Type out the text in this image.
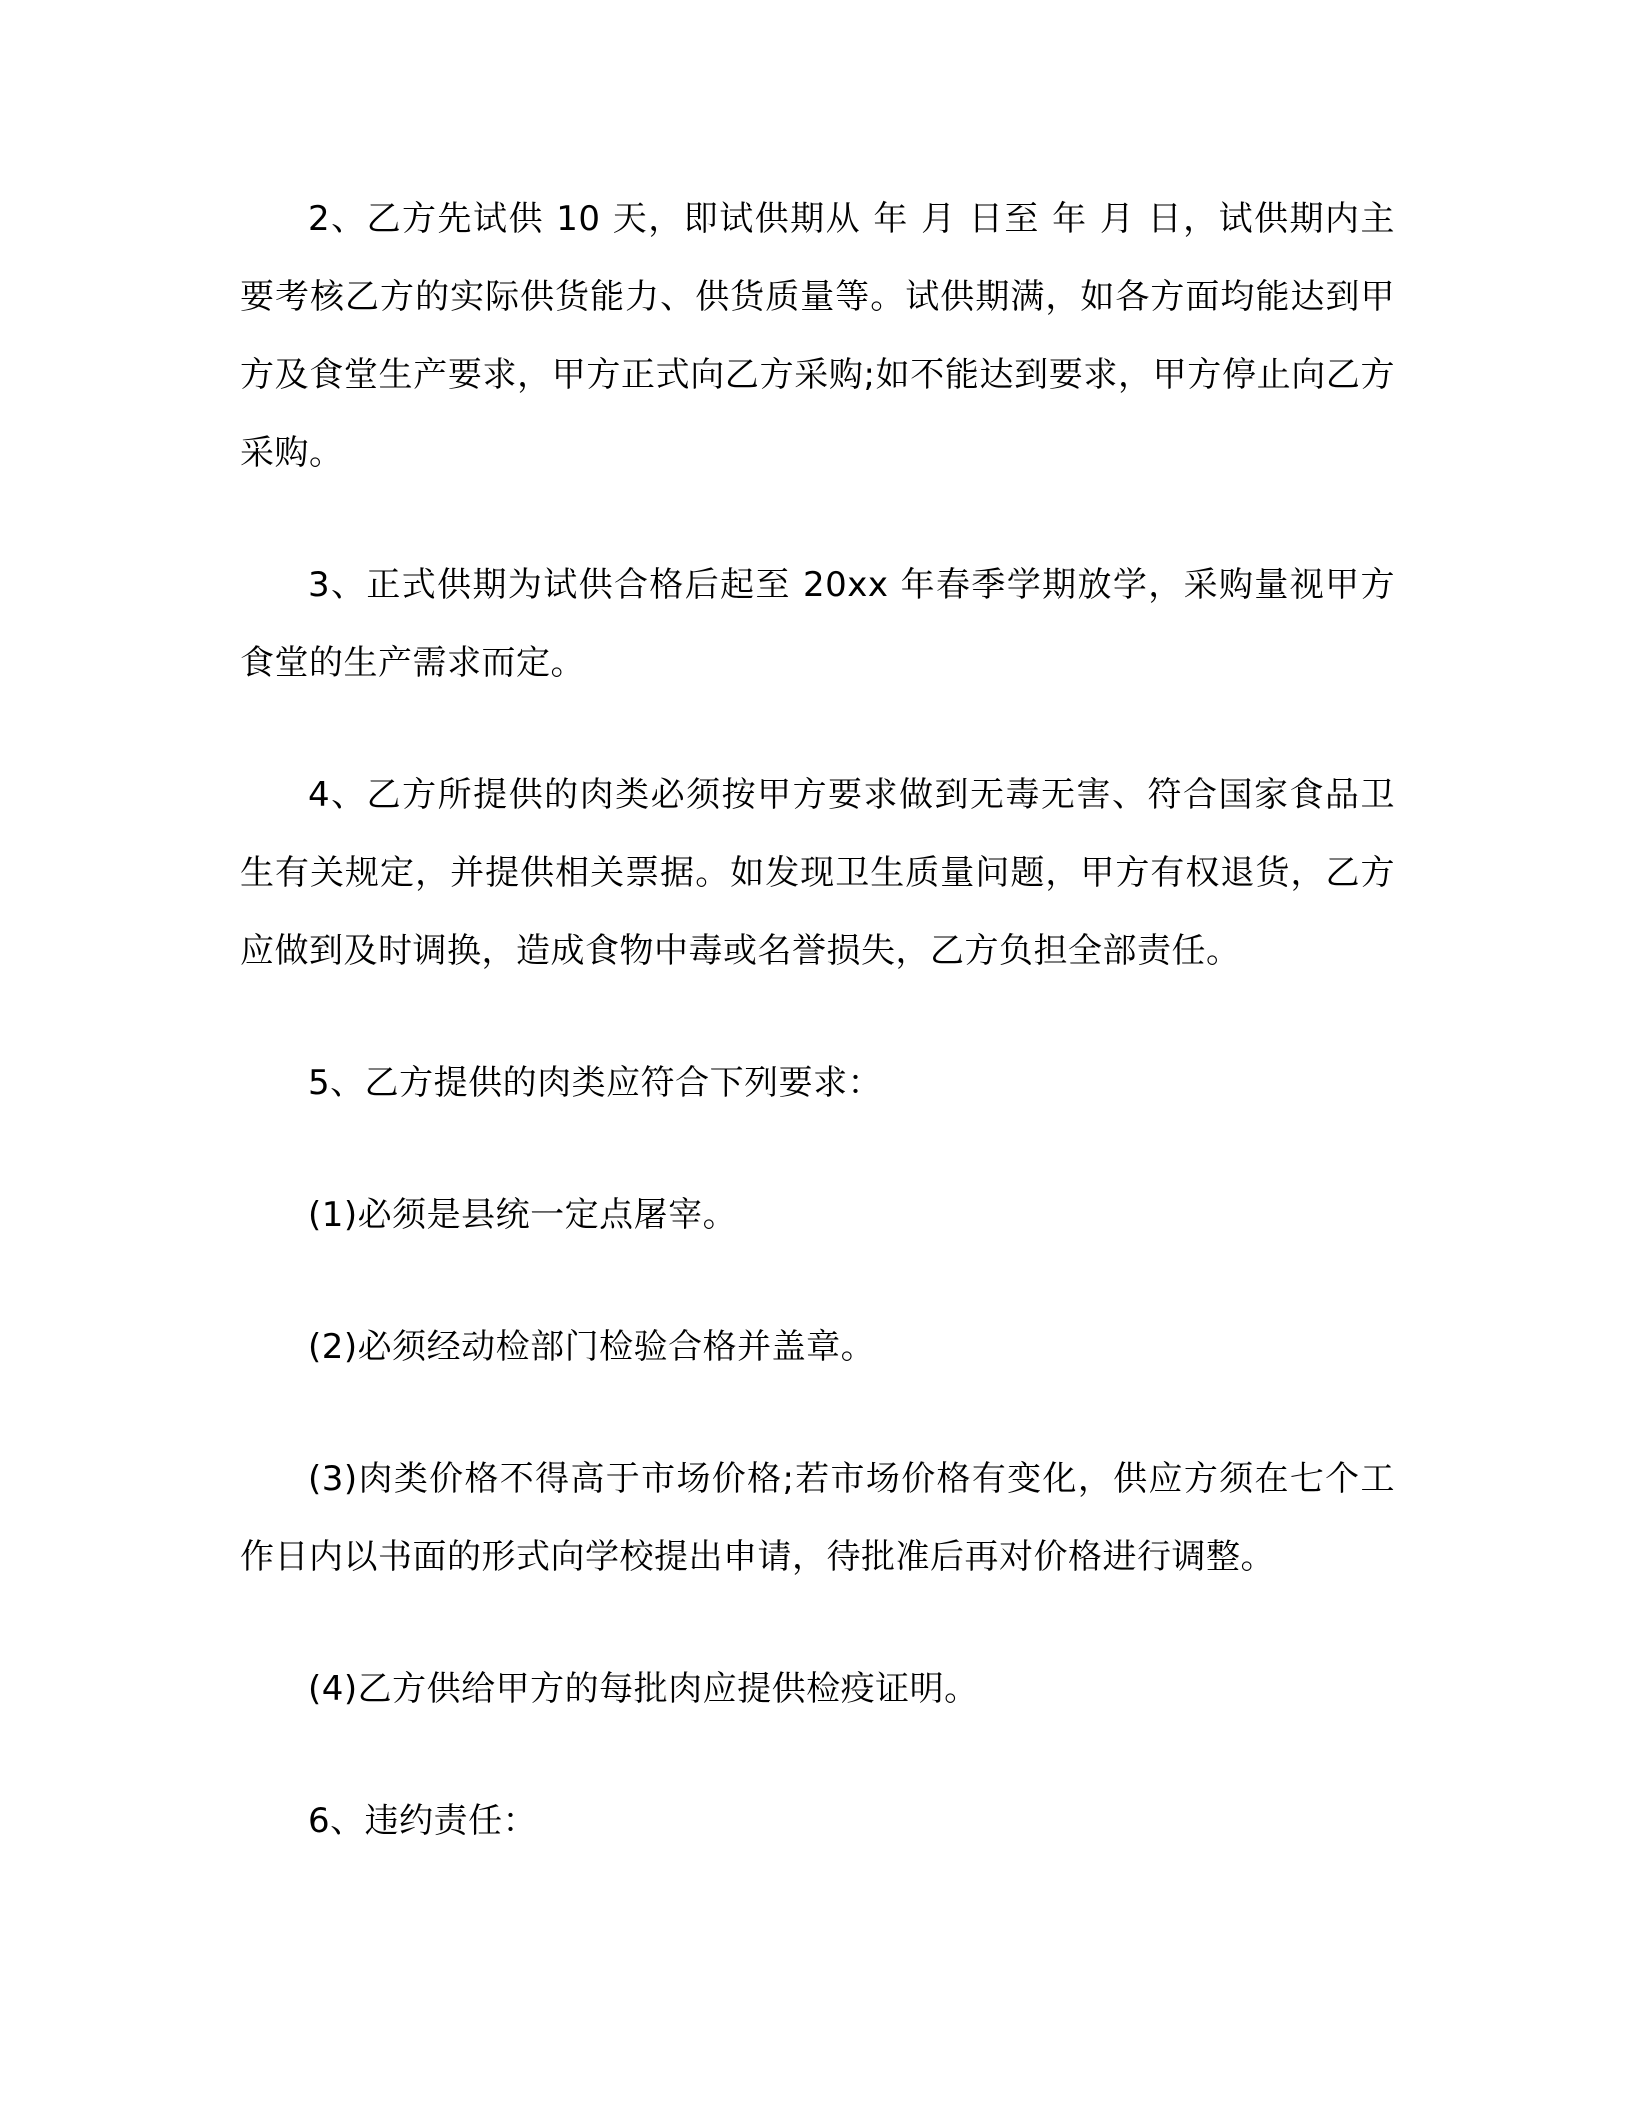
2、乙方先试供 10 天，即试供期从 年 月 日至 年 月 日，试供期内主要考核乙方的实际供货能力、供货质量等。试供期满，如各方面均能达到甲方及食堂生产要求，甲方正式向乙方采购;如不能达到要求，甲方停止向乙方采购。

3、正式供期为试供合格后起至 20xx 年春季学期放学，采购量视甲方食堂的生产需求而定。

4、乙方所提供的肉类必须按甲方要求做到无毒无害、符合国家食品卫生有关规定，并提供相关票据。如发现卫生质量问题，甲方有权退货，乙方应做到及时调换，造成食物中毒或名誉损失，乙方负担全部责任。

5、乙方提供的肉类应符合下列要求：

(1)必须是县统一定点屠宰。

(2)必须经动检部门检验合格并盖章。

(3)肉类价格不得高于市场价格;若市场价格有变化，供应方须在七个工作日内以书面的形式向学校提出申请，待批准后再对价格进行调整。

(4)乙方供给甲方的每批肉应提供检疫证明。

6、违约责任：
